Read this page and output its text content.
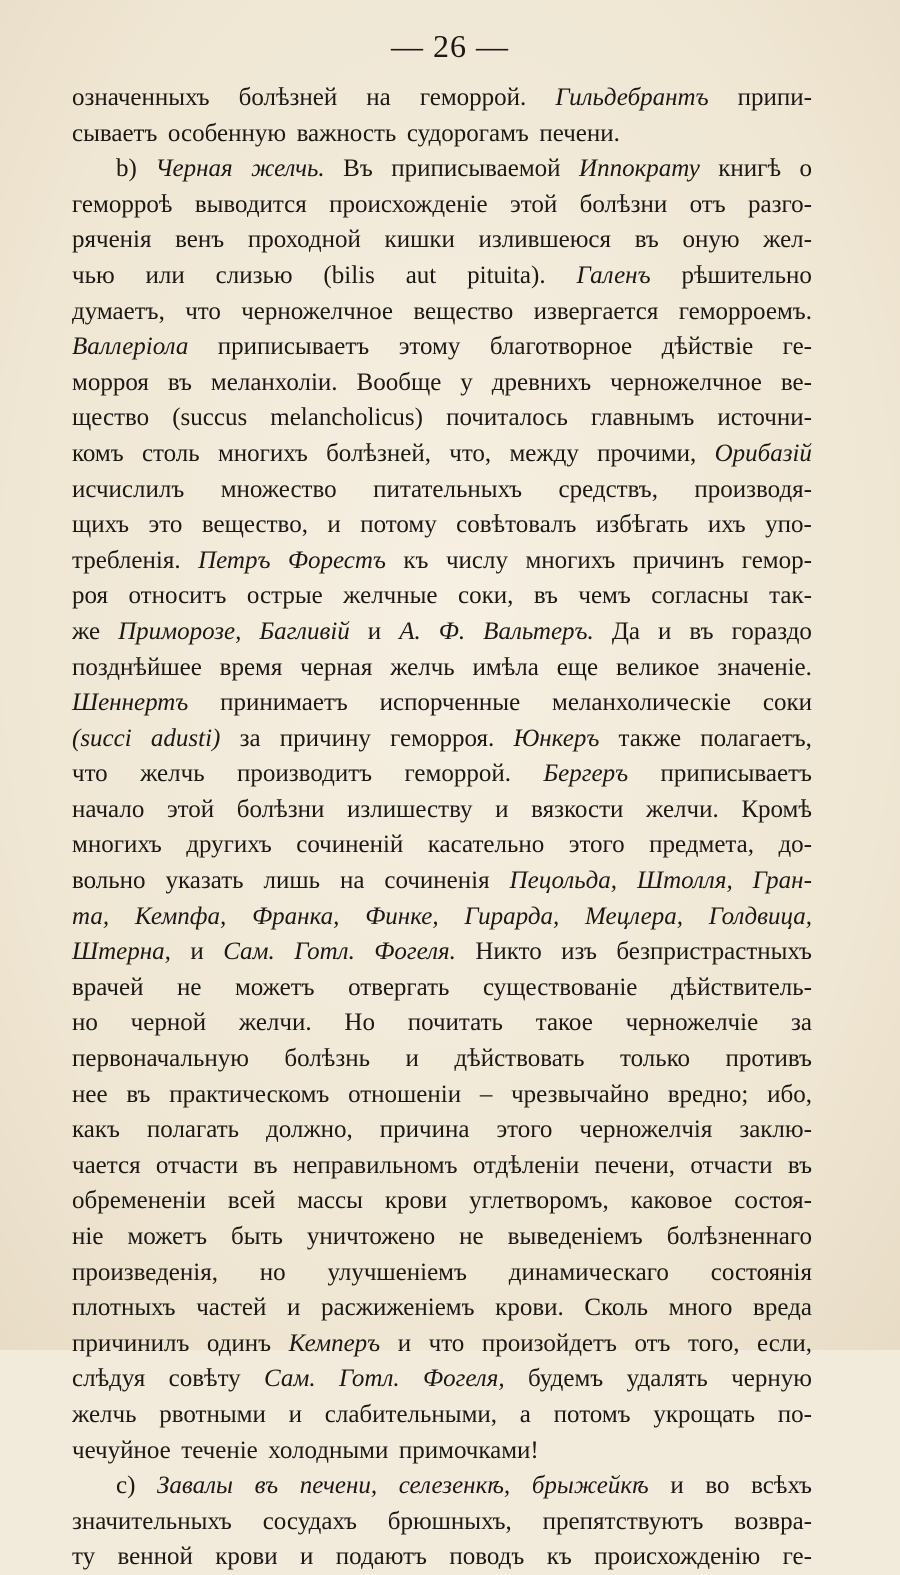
— 26 —
означенныхъ болѣзней на геморрой. Гильдебрантъ припи-
сываетъ особенную важность судорогамъ печени.
b) Черная желчь. Въ приписываемой Иппократу книгѣ о
геморроѣ выводится происхожденіе этой болѣзни отъ разго-
ряченія венъ проходной кишки излившеюся въ оную жел-
чью или слизью (bilis aut pituita). Галенъ рѣшительно
думаетъ, что черножелчное вещество извергается геморроемъ.
Валлеріола приписываетъ этому благотворное дѣйствіе ге-
морроя въ меланхоліи. Вообще у древнихъ черножелчное ве-
щество (succus melancholicus) почиталось главнымъ источни-
комъ столь многихъ болѣзней, что, между прочими, Орибазій
исчислилъ множество питательныхъ средствъ, производя-
щихъ это вещество, и потому совѣтовалъ избѣгать ихъ упо-
требленія. Петръ Форестъ къ числу многихъ причинъ гемор-
роя относитъ острые желчные соки, въ чемъ согласны так-
же Приморозе, Багливій и А. Ф. Вальтеръ. Да и въ гораздо
позднѣйшее время черная желчь имѣла еще великое значеніе.
Шеннертъ принимаетъ испорченные меланхолическіе соки
(succi adusti) за причину геморроя. Юнкеръ также полагаетъ,
что желчь производитъ геморрой. Бергеръ приписываетъ
начало этой болѣзни излишеству и вязкости желчи. Кромѣ
многихъ другихъ сочиненій касательно этого предмета, до-
вольно указать лишь на сочиненія Пецольда, Штолля, Гран-
та, Кемпфа, Франка, Финке, Гирарда, Мецлера, Голдвица,
Штерна, и Сам. Готл. Фогеля. Никто изъ безпристрастныхъ
врачей не можетъ отвергать существованіе дѣйствитель-
но черной желчи. Но почитать такое черножелчіе за
первоначальную болѣзнь и дѣйствовать только противъ
нее въ практическомъ отношеніи – чрезвычайно вредно; ибо,
какъ полагать должно, причина этого черножелчія заклю-
чается отчасти въ неправильномъ отдѣленіи печени, отчасти въ
обремененіи всей массы крови углетворомъ, каковое состоя-
ніе можетъ быть уничтожено не выведеніемъ болѣзненнаго
произведенія, но улучшеніемъ динамическаго состоянія
плотныхъ частей и расжиженіемъ крови. Сколь много вреда
причинилъ одинъ Кемперъ и что произойдетъ отъ того, если,
слѣдуя совѣту Сам. Готл. Фогеля, будемъ удалять черную
желчь рвотными и слабительными, а потомъ укрощать по-
чечуйное теченіе холодными примочками!
c) Завалы въ печени, селезенкѣ, брыжейкѣ и во всѣхъ
значительныхъ сосудахъ брюшныхъ, препятствуютъ возвра-
ту венной крови и подаютъ поводъ къ происхожденію ге-
